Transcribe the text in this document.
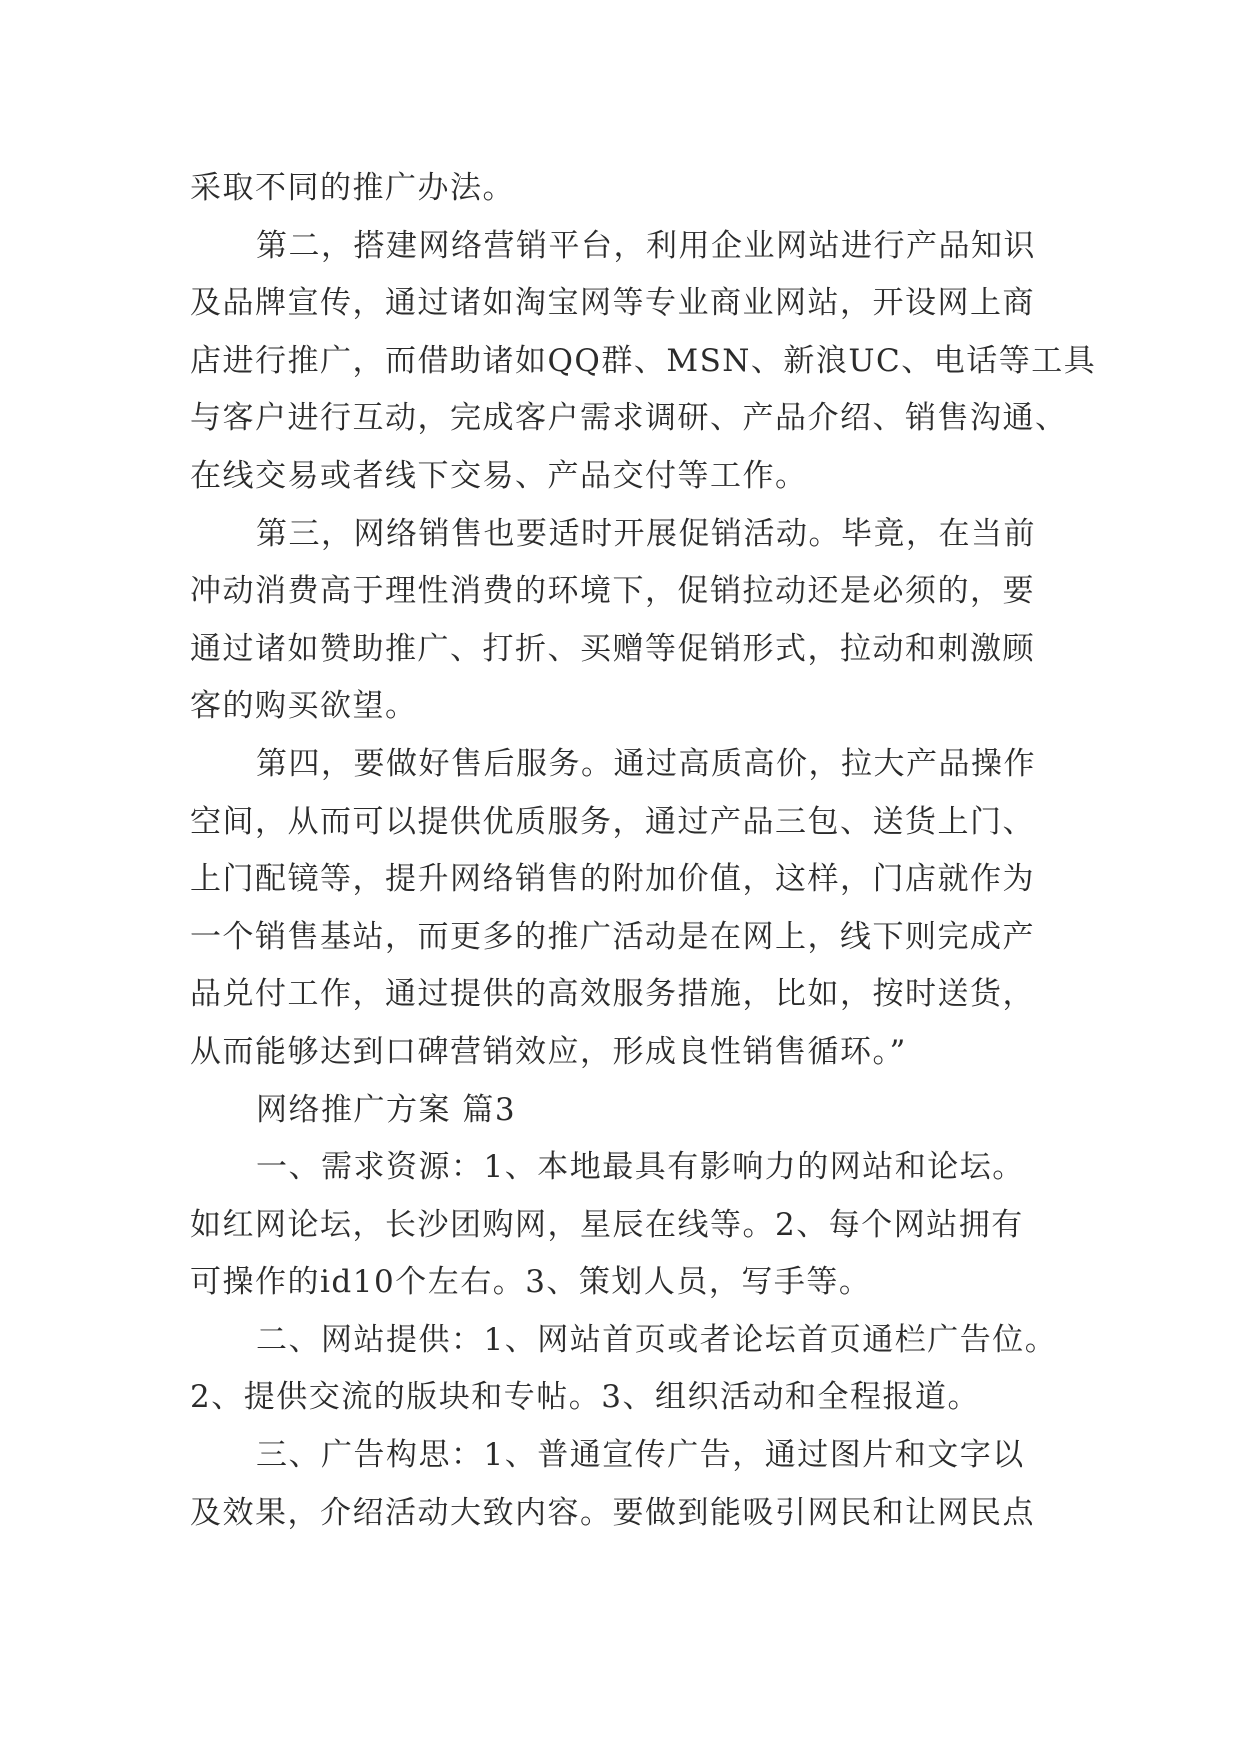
采取不同的推广办法。
第二，搭建网络营销平台，利用企业网站进行产品知识
及品牌宣传，通过诸如淘宝网等专业商业网站，开设网上商
店进行推广，而借助诸如QQ群、MSN、新浪UC、电话等工具
与客户进行互动，完成客户需求调研、产品介绍、销售沟通、
在线交易或者线下交易、产品交付等工作。
第三，网络销售也要适时开展促销活动。毕竟，在当前
冲动消费高于理性消费的环境下，促销拉动还是必须的，要
通过诸如赞助推广、打折、买赠等促销形式，拉动和刺激顾
客的购买欲望。
第四，要做好售后服务。通过高质高价，拉大产品操作
空间，从而可以提供优质服务，通过产品三包、送货上门、
上门配镜等，提升网络销售的附加价值，这样，门店就作为
一个销售基站，而更多的推广活动是在网上，线下则完成产
品兑付工作，通过提供的高效服务措施，比如，按时送货，
从而能够达到口碑营销效应，形成良性销售循环。”
网络推广方案 篇3
一、需求资源：1、本地最具有影响力的网站和论坛。
如红网论坛，长沙团购网，星辰在线等。2、每个网站拥有
可操作的id10个左右。3、策划人员，写手等。
二、网站提供：1、网站首页或者论坛首页通栏广告位。
2、提供交流的版块和专帖。3、组织活动和全程报道。
三、广告构思：1、普通宣传广告，通过图片和文字以
及效果，介绍活动大致内容。要做到能吸引网民和让网民点
